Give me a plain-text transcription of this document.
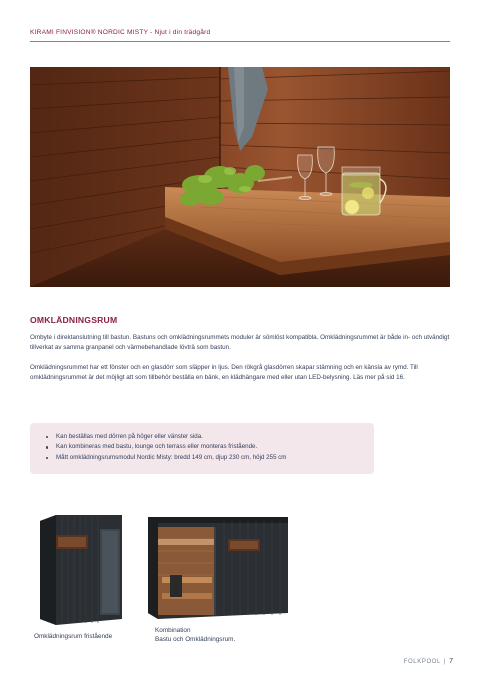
KIRAMI FINVISION® NORDIC MISTY - Njut i din trädgård
OMKLÄDNINGSRUM

Ombyte i direktanslutning till bastun. Bastuns och omklädningsrummets moduler är sömlöst kompatibla. Omklädningsrummet är både in- och utvändigt tillverkat av samma granpanel och värmebehandlade lövträ som bastun.

Omklädningsrummet har ett fönster och en glasdörr som släpper in ljus. Den rökgrå glasdörren skapar stämning och en känsla av rymd. Till omklädningsrummet är det möjligt att som tillbehör beställa en bänk, en klädhängare med eller utan LED-belysning. Läs mer på sid 16.

Kan beställas med dörren på höger eller vänster sida.
Kan kombineras med bastu, lounge och terrass eller monteras fristående.
Mått omklädningsrumsmodul Nordic Misty: bredd 149 cm, djup 230 cm, höjd 255 cm
Omklädningsrum fristående
Kombination
Bastu och Omklädningsrum.
FOLKPOOL | 7
